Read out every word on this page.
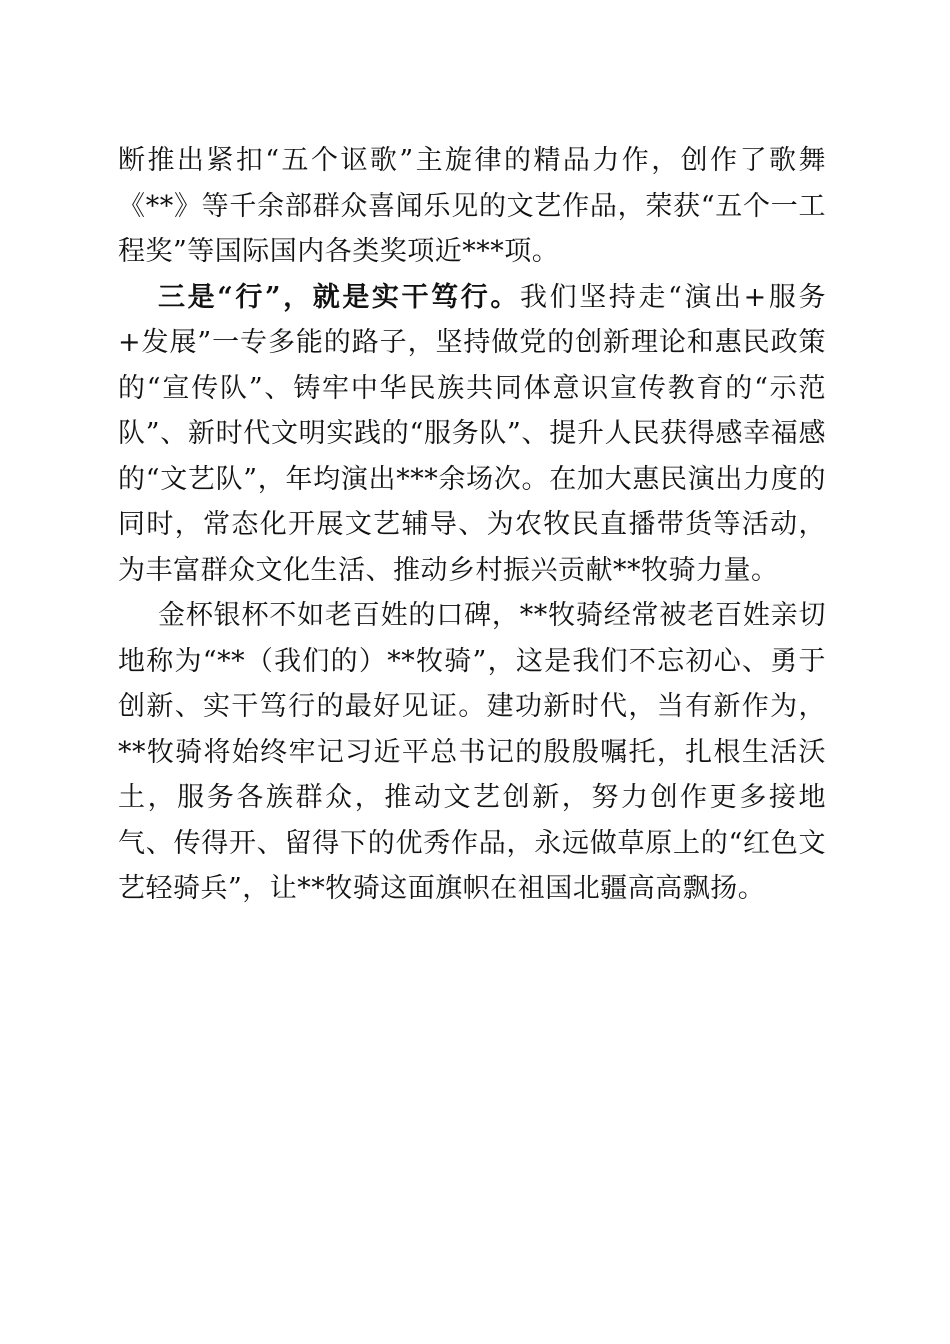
断推出紧扣“五个讴歌”主旋律的精品力作，创作了歌舞《**》等千余部群众喜闻乐见的文艺作品，荣获“五个一工程奖”等国际国内各类奖项近***项。

三是“行”，就是实干笃行。我们坚持走“演出+服务+发展”一专多能的路子，坚持做党的创新理论和惠民政策的“宣传队”、铸牢中华民族共同体意识宣传教育的“示范队”、新时代文明实践的“服务队”、提升人民获得感幸福感的“文艺队”，年均演出***余场次。在加大惠民演出力度的同时，常态化开展文艺辅导、为农牧民直播带货等活动，为丰富群众文化生活、推动乡村振兴贡献**牧骑力量。

金杯银杯不如老百姓的口碑，**牧骑经常被老百姓亲切地称为“**（我们的）**牧骑”，这是我们不忘初心、勇于创新、实干笃行的最好见证。建功新时代，当有新作为，**牧骑将始终牢记习近平总书记的殷殷嘱托，扎根生活沃土，服务各族群众，推动文艺创新，努力创作更多接地气、传得开、留得下的优秀作品，永远做草原上的“红色文艺轻骑兵”，让**牧骑这面旗帜在祖国北疆高高飘扬。
